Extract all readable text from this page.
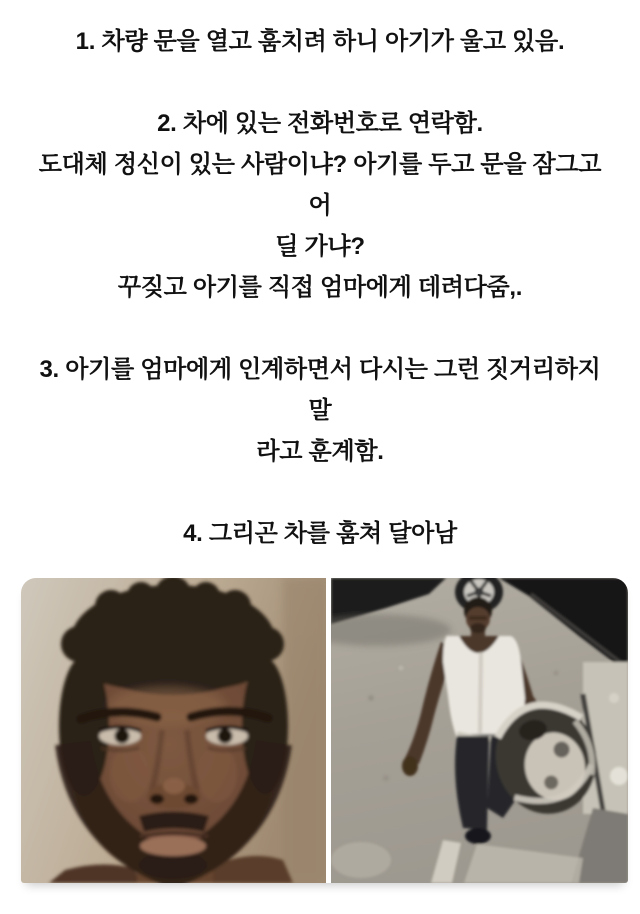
1. 차량 문을 열고 훔치려 하니 아기가 울고 있음.
2. 차에 있는 전화번호로 연락함.
도대체 정신이 있는 사람이냐? 아기를 두고 문을 잠그고 어
딜 가냐?
꾸짖고 아기를 직접 엄마에게 데려다줌,.
3. 아기를 엄마에게 인계하면서 다시는 그런 짓거리하지 말
라고 훈계함.
4. 그리곤 차를 훔쳐 달아남
